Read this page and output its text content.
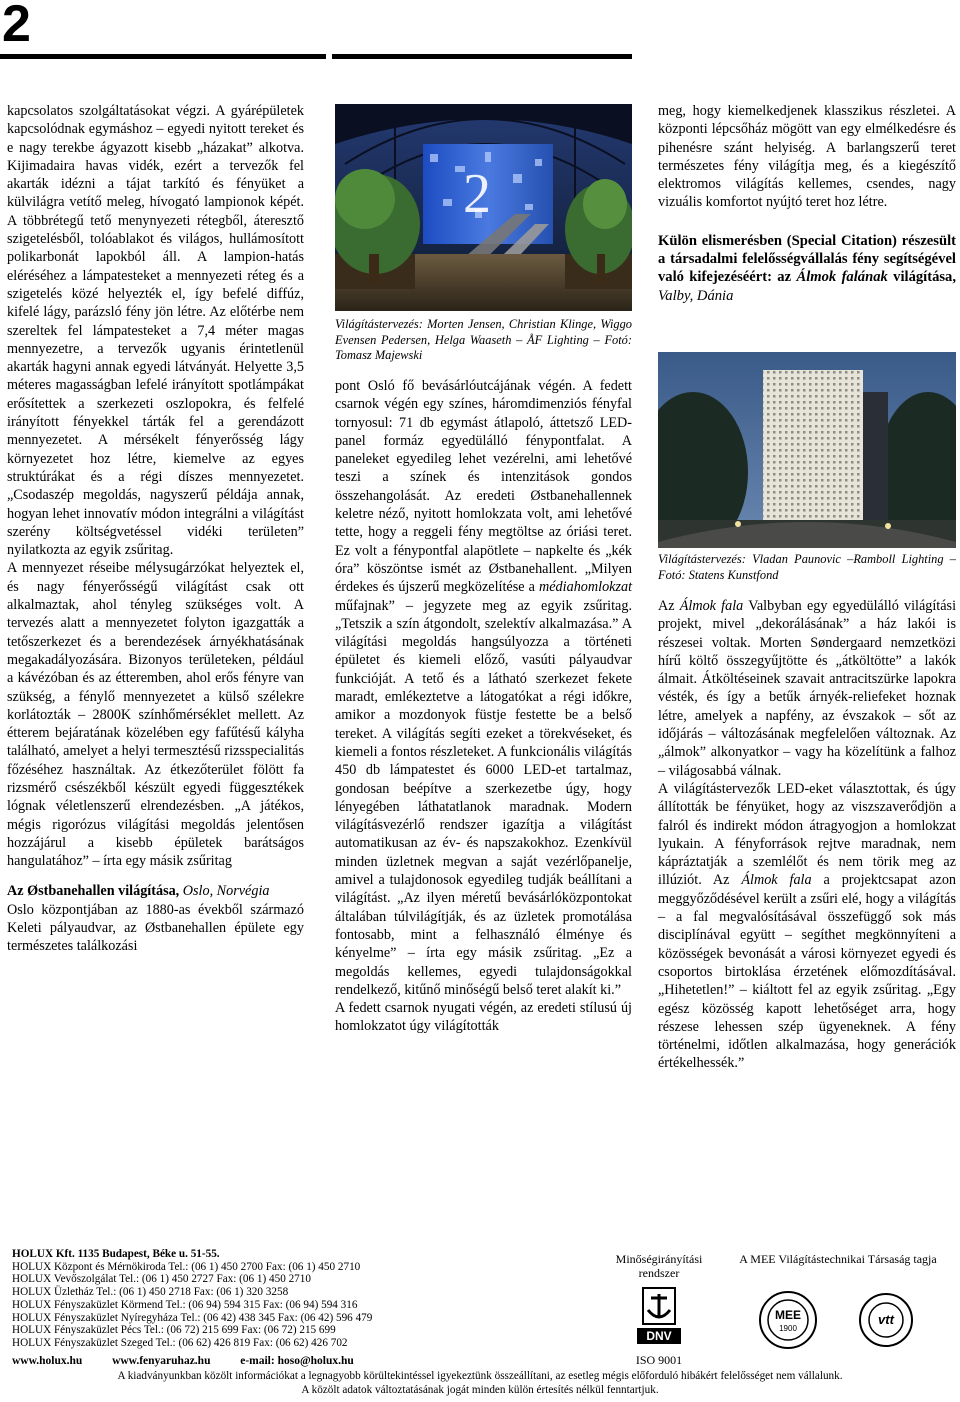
2

kapcsolatos szolgáltatásokat végzi. A gyárépületek kapcsolódnak egymáshoz – egyedi nyitott tereket és e nagy terekbe ágyazott kisebb „házakat” alkotva. Kijimadaira havas vidék, ezért a tervezők fel akarták idézni a tájat tarkító és fényüket a külvilágra vetítő meleg, hívogató lampionok képét. A többrétegű tető menynyezeti rétegből, áteresztő szigetelésből, tolóablakot és világos, hullámosított polikarbonát lapokból áll. A lampion-hatás eléréséhez a lámpatesteket a mennyezeti réteg és a szigetelés közé helyezték el, így befelé diffúz, kifelé lágy, parázsló fény jön létre. Az előtérbe nem szereltek fel lámpatesteket a 7,4 méter magas mennyezetre, a tervezők ugyanis érintetlenül akarták hagyni annak egyedi látványát. Helyette 3,5 méteres magasságban lefelé irányított spotlámpákat erősítettek a szerkezeti oszlopokra, és felfelé irányított fényekkel tárták fel a gerendázott mennyezetet. A mérsékelt fényerősség lágy környezetet hoz létre, kiemelve az egyes struktúrákat és a régi díszes mennyezetet. „Csodaszép megoldás, nagyszerű példája annak, hogyan lehet innovatív módon integrálni a világítást szerény költségvetéssel vidéki területen” nyilatkozta az egyik zsűritag.

A mennyezet réseibe mélysugárzókat helyeztek el, és nagy fényerősségű világítást csak ott alkalmaztak, ahol tényleg szükséges volt. A tervezés alatt a mennyezetet folyton igazgatták a tetőszerkezet és a berendezések árnyékhatásának megakadályozására. Bizonyos területeken, például a kávézóban és az étteremben, ahol erős fényre van szükség, a fénylő mennyezetet a külső szélekre korlátozták – 2800K színhőmérséklet mellett. Az étterem bejáratának közelében egy fafűtésű kályha található, amelyet a helyi termesztésű rizsspecialitás főzéséhez használtak. Az étkezőterület fölött fa rizsmérő csészékből készült egyedi függesztékek lógnak véletlenszerű elrendezésben. „A játékos, mégis rigorózus világítási megoldás jelentősen hozzájárul a kisebb épületek barátságos hangulatához” – írta egy másik zsűritag

Az Østbanehallen világítása, Oslo, Norvégia

Oslo központjában az 1880-as évekből származó Keleti pályaudvar, az Østbanehallen épülete egy természetes találkozási

2
Világítástervezés: Morten Jensen, Christian Klinge, Wiggo Evensen Pedersen, Helga Waaseth – ÅF Lighting – Fotó: Tomasz Majewski

pont Osló fő bevásárlóutcájának végén. A fedett csarnok végén egy színes, háromdimenziós fényfal tornyosul: 71 db egymást átlapoló, áttetsző LED-panel formáz egyedülálló fénypontfalat. A paneleket egyedileg lehet vezérelni, ami lehetővé teszi a színek és intenzitások gondos összehangolását. Az eredeti Østbanehallennek keletre néző, nyitott homlokzata volt, ami lehetővé tette, hogy a reggeli fény megtöltse az óriási teret. Ez volt a fénypontfal alapötlete – napkelte és „kék óra” köszöntse ismét az Østbanehallent. „Milyen érdekes és újszerű megközelítése a médiahomlokzat műfajnak” – jegyzete meg az egyik zsűritag. „Tetszik a szín átgondolt, szelektív alkalmazása.” A világítási megoldás hangsúlyozza a történeti épületet és kiemeli előző, vasúti pályaudvar funkcióját. A tető és a látható szerkezet fekete maradt, emlékeztetve a látogatókat a régi időkre, amikor a mozdonyok füstje festette be a belső tereket. A világítás segíti ezeket a törekvéseket, és kiemeli a fontos részleteket. A funkcionális világítás 450 db lámpatestet és 6000 LED-et tartalmaz, gondosan beépítve a szerkezetbe úgy, hogy lényegében láthatatlanok maradnak. Modern világításvezérlő rendszer igazítja a világítást automatikusan az év- és napszakokhoz. Ezenkívül minden üzletnek megvan a saját vezérlőpanelje, amivel a tulajdonosok egyedileg tudják beállítani a világítást. „Az ilyen méretű bevásárlóközpontokat általában túlvilágítják, és az üzletek promotálása fontosabb, mint a felhasználó élménye és kényelme” – írta egy másik zsűritag. „Ez a megoldás kellemes, egyedi tulajdonságokkal rendelkező, kitűnő minőségű belső teret alakít ki.”

A fedett csarnok nyugati végén, az eredeti stílusú új homlokzatot úgy világították

meg, hogy kiemelkedjenek klasszikus részletei. A központi lépcsőház mögött van egy elmélkedésre és pihenésre szánt helyiség. A barlangszerű teret természetes fény világítja meg, és a kiegészítő elektromos világítás kellemes, csendes, nagy vizuális komfortot nyújtó teret hoz létre.

Külön elismerésben (Special Citation) részesült a társadalmi felelősségvállalás fény segítségével való kifejezéséért: az Álmok falának világítása, Valby, Dánia

Világítástervezés: Vladan Paunovic –Ramboll Lighting – Fotó: Statens Kunstfond

Az Álmok fala Valbyban egy egyedülálló világítási projekt, mivel „dekorálásának” a ház lakói is részesei voltak. Morten Søndergaard nemzetközi hírű költő összegyűjtötte és „átköltötte” a lakók álmait. Átköltéseinek szavait antracitszürke lapokra vésték, és így a betűk árnyék-reliefeket hoznak létre, amelyek a napfény, az évszakok – sőt az időjárás – változásának megfelelően változnak. Az „álmok” alkonyatkor – vagy ha közelítünk a falhoz – világosabbá válnak.

A világítástervezők LED-eket választottak, és úgy állították be fényüket, hogy az viszszaverődjön a falról és indirekt módon átragyogjon a homlokzat lyukain. A fényforrások rejtve maradnak, nem kápráztatják a szemlélőt és nem törik meg az illúziót. Az Álmok fala a projektcsapat azon meggyőződésével került a zsűri elé, hogy a világítás – a fal megvalósításával összefüggő sok más disciplínával együtt – segíthet megkönnyíteni a közösségek bevonását a városi környezet egyedi és csoportos birtoklása érzetének előmozdításával. „Hihetetlen!” – kiáltott fel az egyik zsűritag. „Egy egész közösség kapott lehetőséget arra, hogy részese lehessen szép ügyeneknek. A fény történelmi, időtlen alkalmazása, hogy generációk értékelhessék.”

HOLUX Kft. 1135 Budapest, Béke u. 51-55.
HOLUX Központ és Mérnökiroda Tel.: (06 1) 450 2700 Fax: (06 1) 450 2710
HOLUX Vevőszolgálat Tel.: (06 1) 450 2727 Fax: (06 1) 450 2710
HOLUX Üzletház Tel.: (06 1) 450 2718 Fax: (06 1) 320 3258
HOLUX Fényszaküzlet Körmend Tel.: (06 94) 594 315 Fax: (06 94) 594 316
HOLUX Fényszaküzlet Nyíregyháza Tel.: (06 42) 438 345 Fax: (06 42) 596 479
HOLUX Fényszaküzlet Pécs Tel.: (06 72) 215 699 Fax: (06 72) 215 699
HOLUX Fényszaküzlet Szeged Tel.: (06 62) 426 819 Fax: (06 62) 426 702
www.holux.hu	www.fenyaruhaz.hu	e-mail: hoso@holux.hu
Minőségirányítási rendszer
DNV
ISO 9001
A MEE Világítástechnikai Társaság tagja
MEE
1900
vtt
A kiadványunkban közölt információkat a legnagyobb körültekintéssel igyekeztünk összeállítani, az esetleg mégis előforduló hibákért felelősséget nem vállalunk.
A közölt adatok változtatásának jogát minden külön értesítés nélkül fenntartjuk.
